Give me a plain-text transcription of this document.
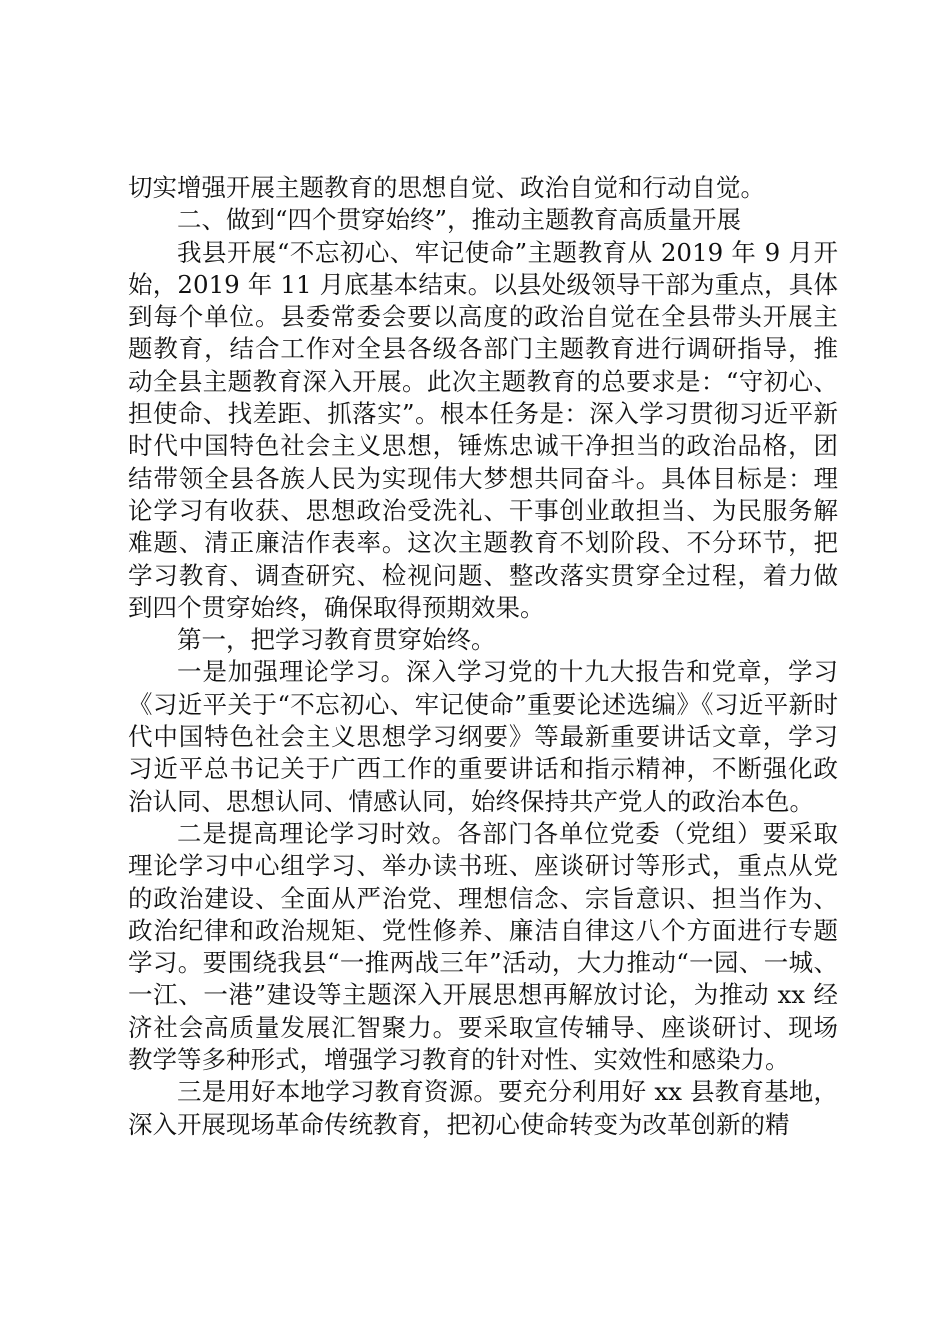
切实增强开展主题教育的思想自觉、政治自觉和行动自觉。

二、做到“四个贯穿始终”，推动主题教育高质量开展

我县开展“不忘初心、牢记使命”主题教育从 2019 年 9 月开始，2019 年 11 月底基本结束。以县处级领导干部为重点，具体到每个单位。县委常委会要以高度的政治自觉在全县带头开展主题教育，结合工作对全县各级各部门主题教育进行调研指导，推动全县主题教育深入开展。此次主题教育的总要求是：“守初心、担使命、找差距、抓落实”。根本任务是：深入学习贯彻习近平新时代中国特色社会主义思想，锤炼忠诚干净担当的政治品格，团结带领全县各族人民为实现伟大梦想共同奋斗。具体目标是：理论学习有收获、思想政治受洗礼、干事创业敢担当、为民服务解难题、清正廉洁作表率。这次主题教育不划阶段、不分环节，把学习教育、调查研究、检视问题、整改落实贯穿全过程，着力做到四个贯穿始终，确保取得预期效果。

第一，把学习教育贯穿始终。

一是加强理论学习。深入学习党的十九大报告和党章，学习《习近平关于“不忘初心、牢记使命”重要论述选编》《习近平新时代中国特色社会主义思想学习纲要》等最新重要讲话文章，学习习近平总书记关于广西工作的重要讲话和指示精神，不断强化政治认同、思想认同、情感认同，始终保持共产党人的政治本色。

二是提高理论学习时效。各部门各单位党委（党组）要采取理论学习中心组学习、举办读书班、座谈研讨等形式，重点从党的政治建设、全面从严治党、理想信念、宗旨意识、担当作为、政治纪律和政治规矩、党性修养、廉洁自律这八个方面进行专题学习。要围绕我县“一推两战三年”活动，大力推动“一园、一城、一江、一港”建设等主题深入开展思想再解放讨论，为推动 xx 经济社会高质量发展汇智聚力。要采取宣传辅导、座谈研讨、现场教学等多种形式，增强学习教育的针对性、实效性和感染力。

三是用好本地学习教育资源。要充分利用好 xx 县教育基地，深入开展现场革命传统教育，把初心使命转变为改革创新的精
